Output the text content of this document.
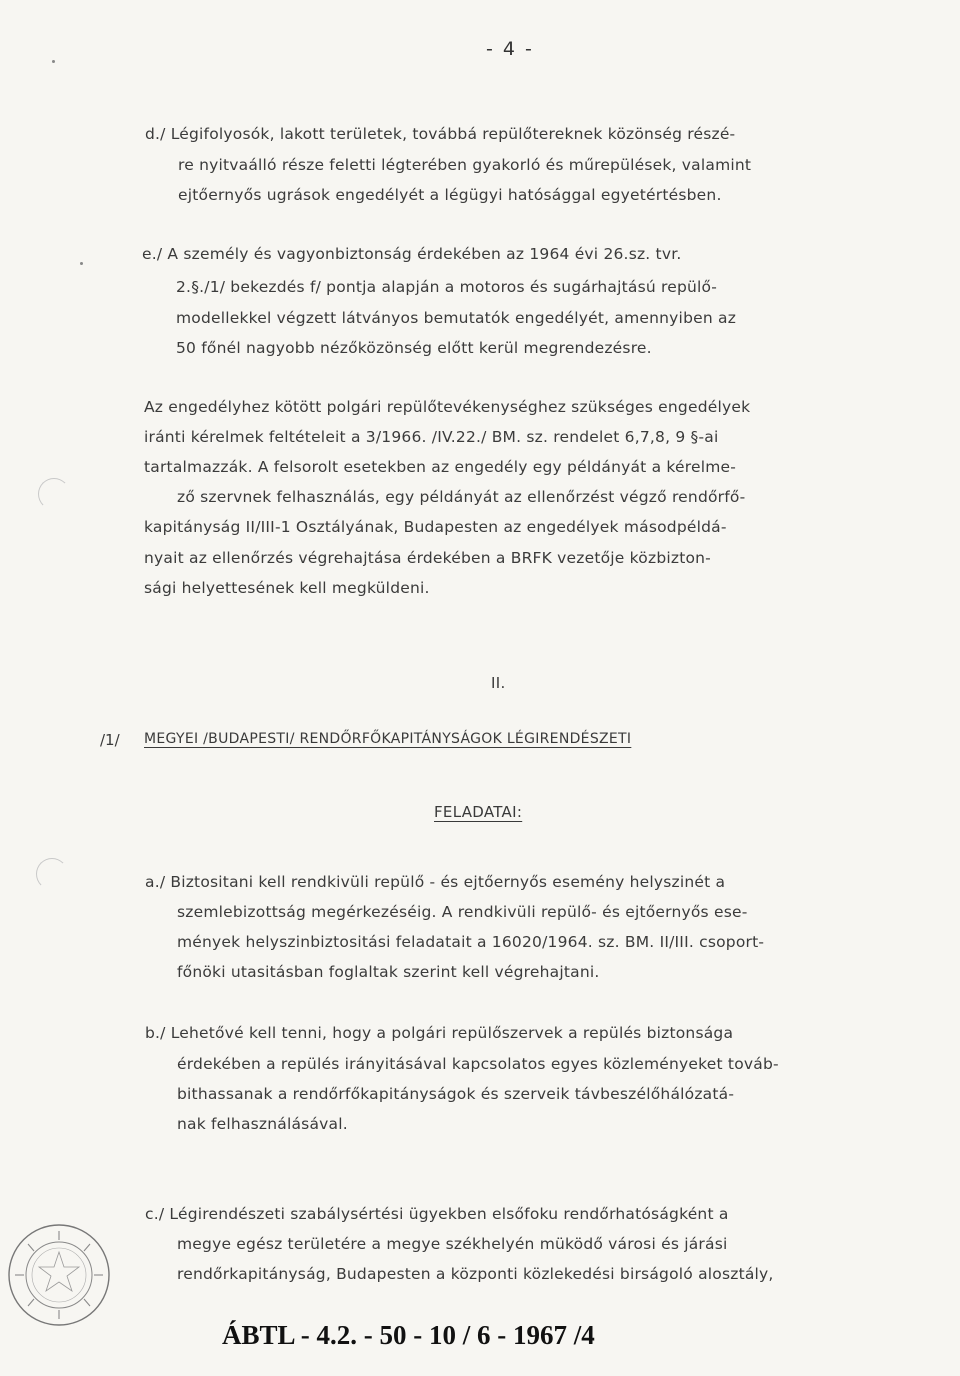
- 4 -
d./ Légifolyosók, lakott területek, továbbá repülőtereknek közönség részé-
re nyitvaálló része feletti légterében gyakorló és műrepülések, valamint
ejtőernyős ugrások engedélyét a légügyi hatósággal egyetértésben.
e./ A személy és vagyonbiztonság érdekében az 1964 évi 26.sz. tvr.
2.§./1/ bekezdés f/ pontja alapján a motoros és sugárhajtású repülő-
modellekkel végzett látványos bemutatók engedélyét, amennyiben az
50 főnél nagyobb nézőközönség előtt kerül megrendezésre.
Az engedélyhez kötött polgári repülőtevékenységhez szükséges engedélyek
iránti kérelmek feltételeit a 3/1966. /IV.22./ BM. sz. rendelet 6,7,8, 9 §-ai
tartalmazzák. A felsorolt esetekben az engedély egy példányát a kérelme-
ző szervnek felhasználás, egy példányát az ellenőrzést végző rendőrfő-
kapitányság II/III-1 Osztályának, Budapesten az engedélyek másodpéldá-
nyait az ellenőrzés végrehajtása érdekében a BRFK vezetője közbizton-
sági helyettesének kell megküldeni.
II.
/1/ MEGYEI /BUDAPESTI/ RENDŐRFŐKAPITÁNYSÁGOK LÉGIRENDÉSZETI
FELADATAI:
a./ Biztositani kell rendkivüli repülő - és ejtőernyős esemény helyszinét a
szemlebizottság megérkezéséig. A rendkivüli repülő- és ejtőernyős ese-
mények helyszinbiztositási feladatait a 16020/1964. sz. BM. II/III. csoport-
főnöki utasitásban foglaltak szerint kell végrehajtani.
b./ Lehetővé kell tenni, hogy a polgári repülőszervek a repülés biztonsága
érdekében a repülés irányitásával kapcsolatos egyes közleményeket továb-
bithassanak a rendőrfőkapitányságok és szerveik távbeszélőhálózatá-
nak felhasználásával.
c./ Légirendészeti szabálysértési ügyekben elsőfoku rendőrhatóságként a
megye egész területére a megye székhelyén müködő városi és járási
rendőrkapitányság, Budapesten a központi közlekedési birságoló alosztály,
ÁBTL - 4.2. - 50 - 10 / 6 - 1967 /4
